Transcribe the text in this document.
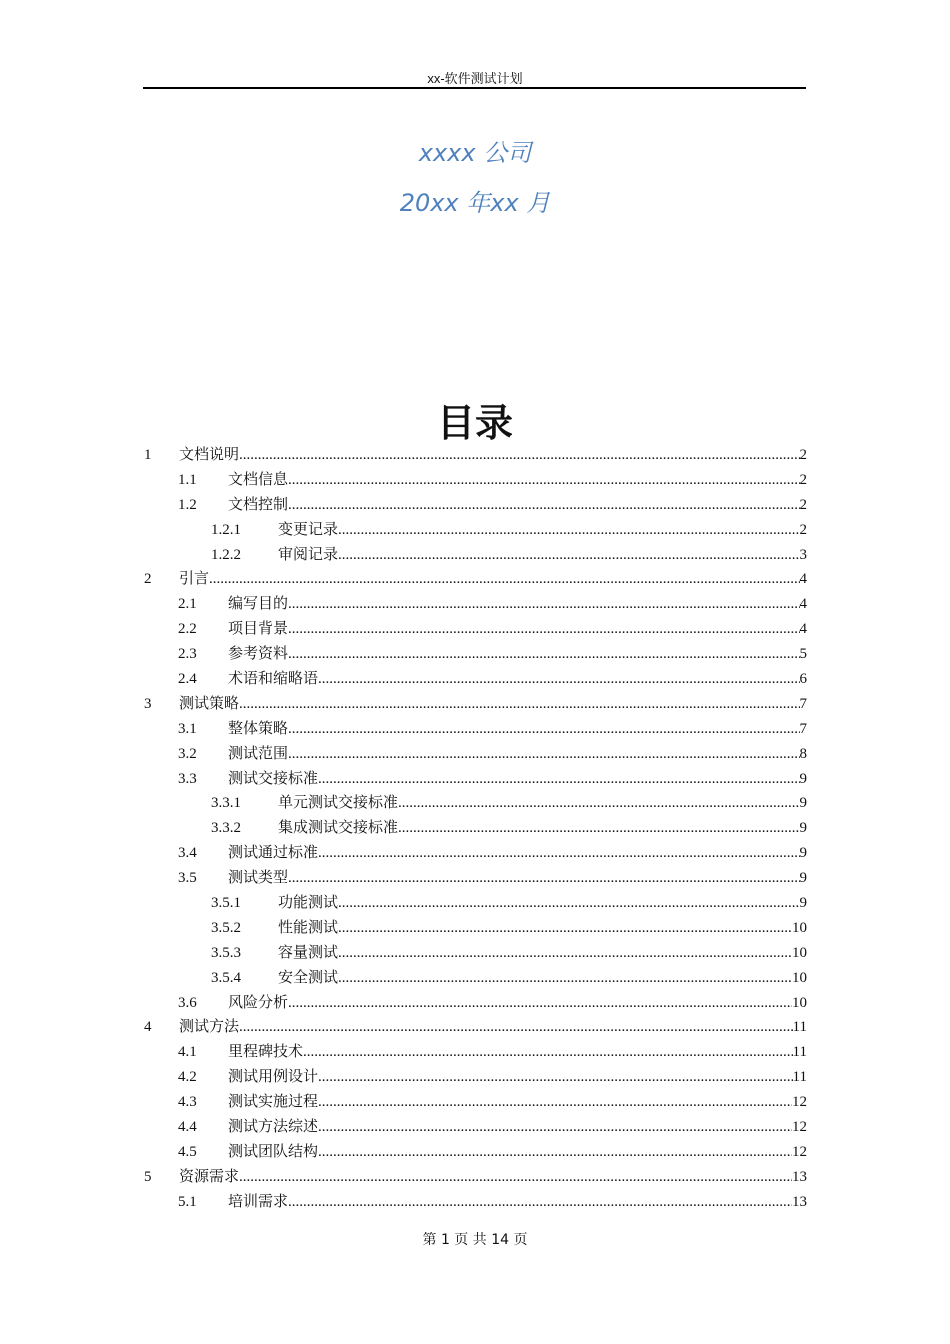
xx-软件测试计划
xxxx 公司
20xx 年xx 月
目录
1	文档说明 .....	2
1.1	文档信息 .....	2
1.2	文档控制 .....	2
1.2.1	变更记录 .....	2
1.2.2	审阅记录 .....	3
2	引言 .....	4
2.1	编写目的 .....	4
2.2	项目背景 .....	4
2.3	参考资料 .....	5
2.4	术语和缩略语 .....	6
3	测试策略 .....	7
3.1	整体策略 .....	7
3.2	测试范围 .....	8
3.3	测试交接标准 .....	9
3.3.1	单元测试交接标准 .....	9
3.3.2	集成测试交接标准 .....	9
3.4	测试通过标准 .....	9
3.5	测试类型 .....	9
3.5.1	功能测试 .....	9
3.5.2	性能测试 .....	10
3.5.3	容量测试 .....	10
3.5.4	安全测试 .....	10
3.6	风险分析 .....	10
4	测试方法 .....	11
4.1	里程碑技术 .....	11
4.2	测试用例设计 .....	11
4.3	测试实施过程 .....	12
4.4	测试方法综述 .....	12
4.5	测试团队结构 .....	12
5	资源需求 .....	13
5.1	培训需求 .....	13
第 1 页 共 14 页
